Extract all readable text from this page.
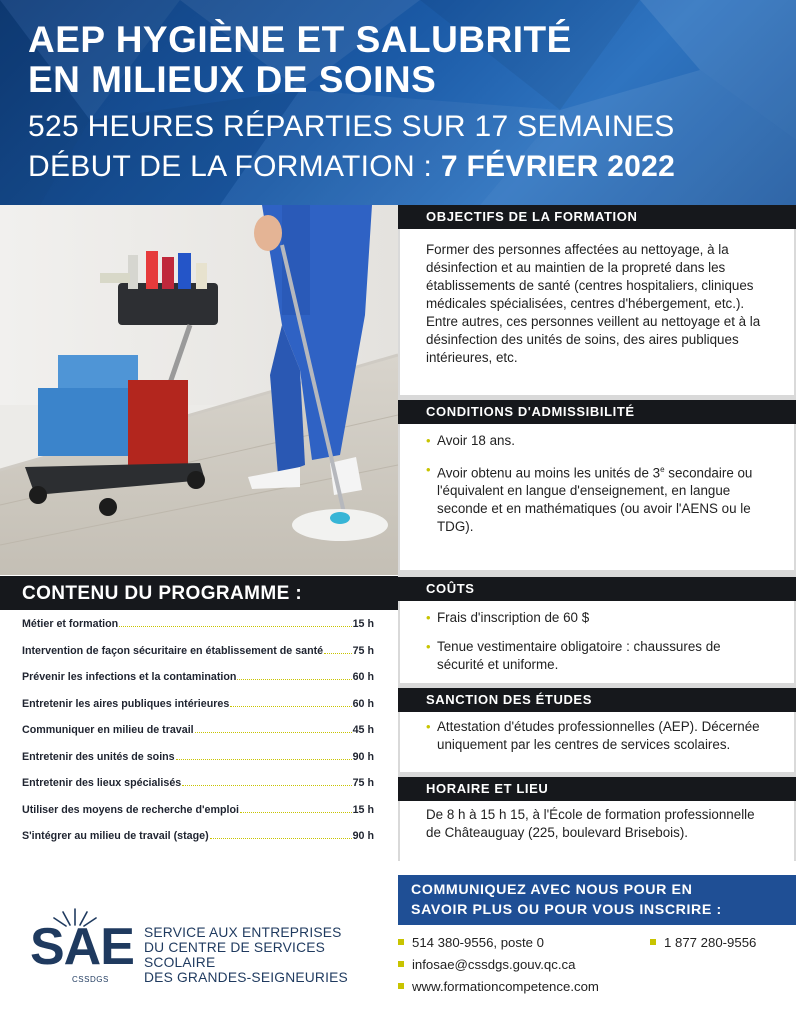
AEP HYGIÈNE ET SALUBRITÉ
EN MILIEUX DE SOINS
525 HEURES RÉPARTIES SUR 17 SEMAINES
DÉBUT DE LA FORMATION : 7 FÉVRIER 2022
OBJECTIFS DE LA FORMATION
Former des personnes affectées au nettoyage, à la désinfection et au maintien de la propreté dans les établissements de santé (centres hospitaliers, cliniques médicales spécialisées, centres d'hébergement, etc.). Entre autres, ces personnes veillent au nettoyage et à la désinfection des unités de soins, des aires publiques intérieures, etc.
CONDITIONS D'ADMISSIBILITÉ
• Avoir 18 ans.
• Avoir obtenu au moins les unités de 3e secondaire ou l'équivalent en langue d'enseignement, en langue seconde et en mathématiques (ou avoir l'AENS ou le TDG).
COÛTS
• Frais d'inscription de 60 $
• Tenue vestimentaire obligatoire : chaussures de sécurité et uniforme.
SANCTION DES ÉTUDES
• Attestation d'études professionnelles (AEP). Décernée uniquement par les centres de services scolaires.
HORAIRE ET LIEU
De 8 h à 15 h 15, à l'École de formation professionnelle de Châteauguay (225, boulevard Brisebois).
CONTENU DU PROGRAMME :
Métier et formation	15 h
Intervention de façon sécuritaire en établissement de santé	75 h
Prévenir les infections et la contamination	60 h
Entretenir les aires publiques intérieures	60 h
Communiquer en milieu de travail	45 h
Entretenir des unités de soins	90 h
Entretenir des lieux spécialisés	75 h
Utiliser des moyens de recherche d'emploi	15 h
S'intégrer au milieu de travail (stage)	90 h
SAE
CSSDGS
SERVICE AUX ENTREPRISES
DU CENTRE DE SERVICES SCOLAIRE
DES GRANDES-SEIGNEURIES
COMMUNIQUEZ AVEC NOUS POUR EN
SAVOIR PLUS OU POUR VOUS INSCRIRE :
514 380-9556, poste 0	1 877 280-9556
infosae@cssdgs.gouv.qc.ca
www.formationcompetence.com
